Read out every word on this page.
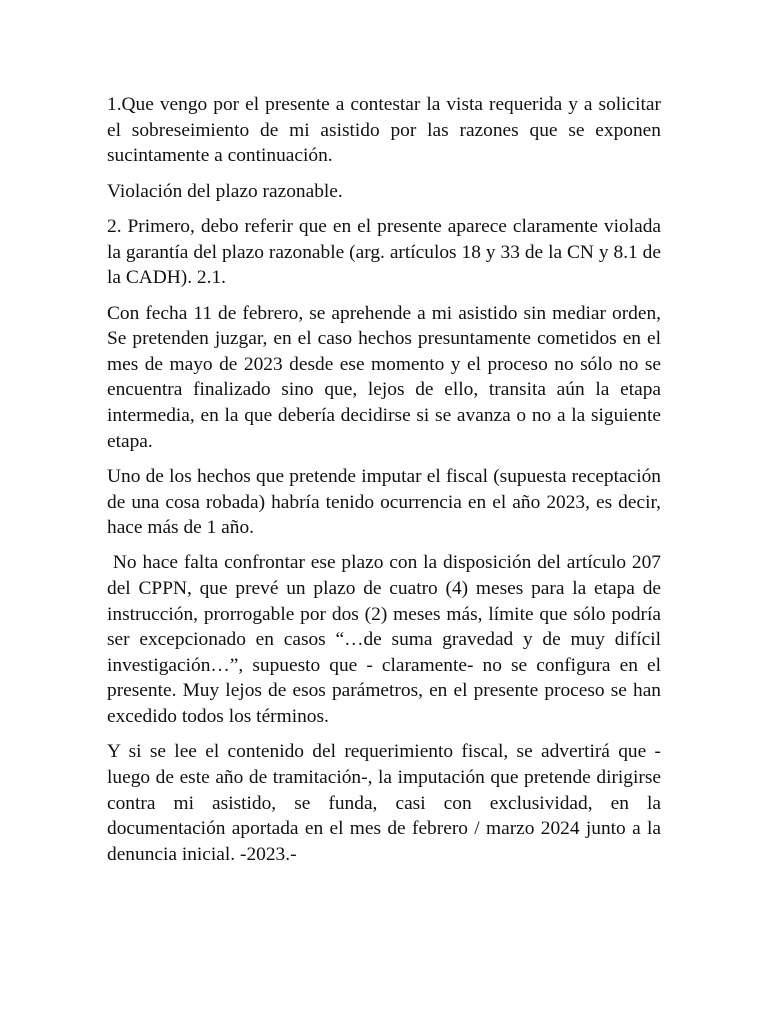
1.Que vengo por el presente a contestar la vista requerida y a solicitar el sobreseimiento de mi asistido por las razones que se exponen sucintamente a continuación.

Violación del plazo razonable.

2. Primero, debo referir que en el presente aparece claramente violada la garantía del plazo razonable (arg. artículos 18 y 33 de la CN y 8.1 de la CADH). 2.1.

Con fecha 11 de febrero, se aprehende a mi asistido sin mediar orden, Se pretenden juzgar, en el caso hechos presuntamente cometidos en el mes de mayo de 2023 desde ese momento y el proceso no sólo no se encuentra finalizado sino que, lejos de ello, transita aún la etapa intermedia, en la que debería decidirse si se avanza o no a la siguiente etapa.

Uno de los hechos que pretende imputar el fiscal (supuesta receptación de una cosa robada) habría tenido ocurrencia en el año 2023, es decir, hace más de 1 año.

No hace falta confrontar ese plazo con la disposición del artículo 207 del CPPN, que prevé un plazo de cuatro (4) meses para la etapa de instrucción, prorrogable por dos (2) meses más, límite que sólo podría ser excepcionado en casos “…de suma gravedad y de muy difícil investigación…”, supuesto que - claramente- no se configura en el presente. Muy lejos de esos parámetros, en el presente proceso se han excedido todos los términos.

Y si se lee el contenido del requerimiento fiscal, se advertirá que -luego de este año de tramitación-, la imputación que pretende dirigirse contra mi asistido, se funda, casi con exclusividad, en la documentación aportada en el mes de febrero / marzo 2024 junto a la denuncia inicial. -2023.-
